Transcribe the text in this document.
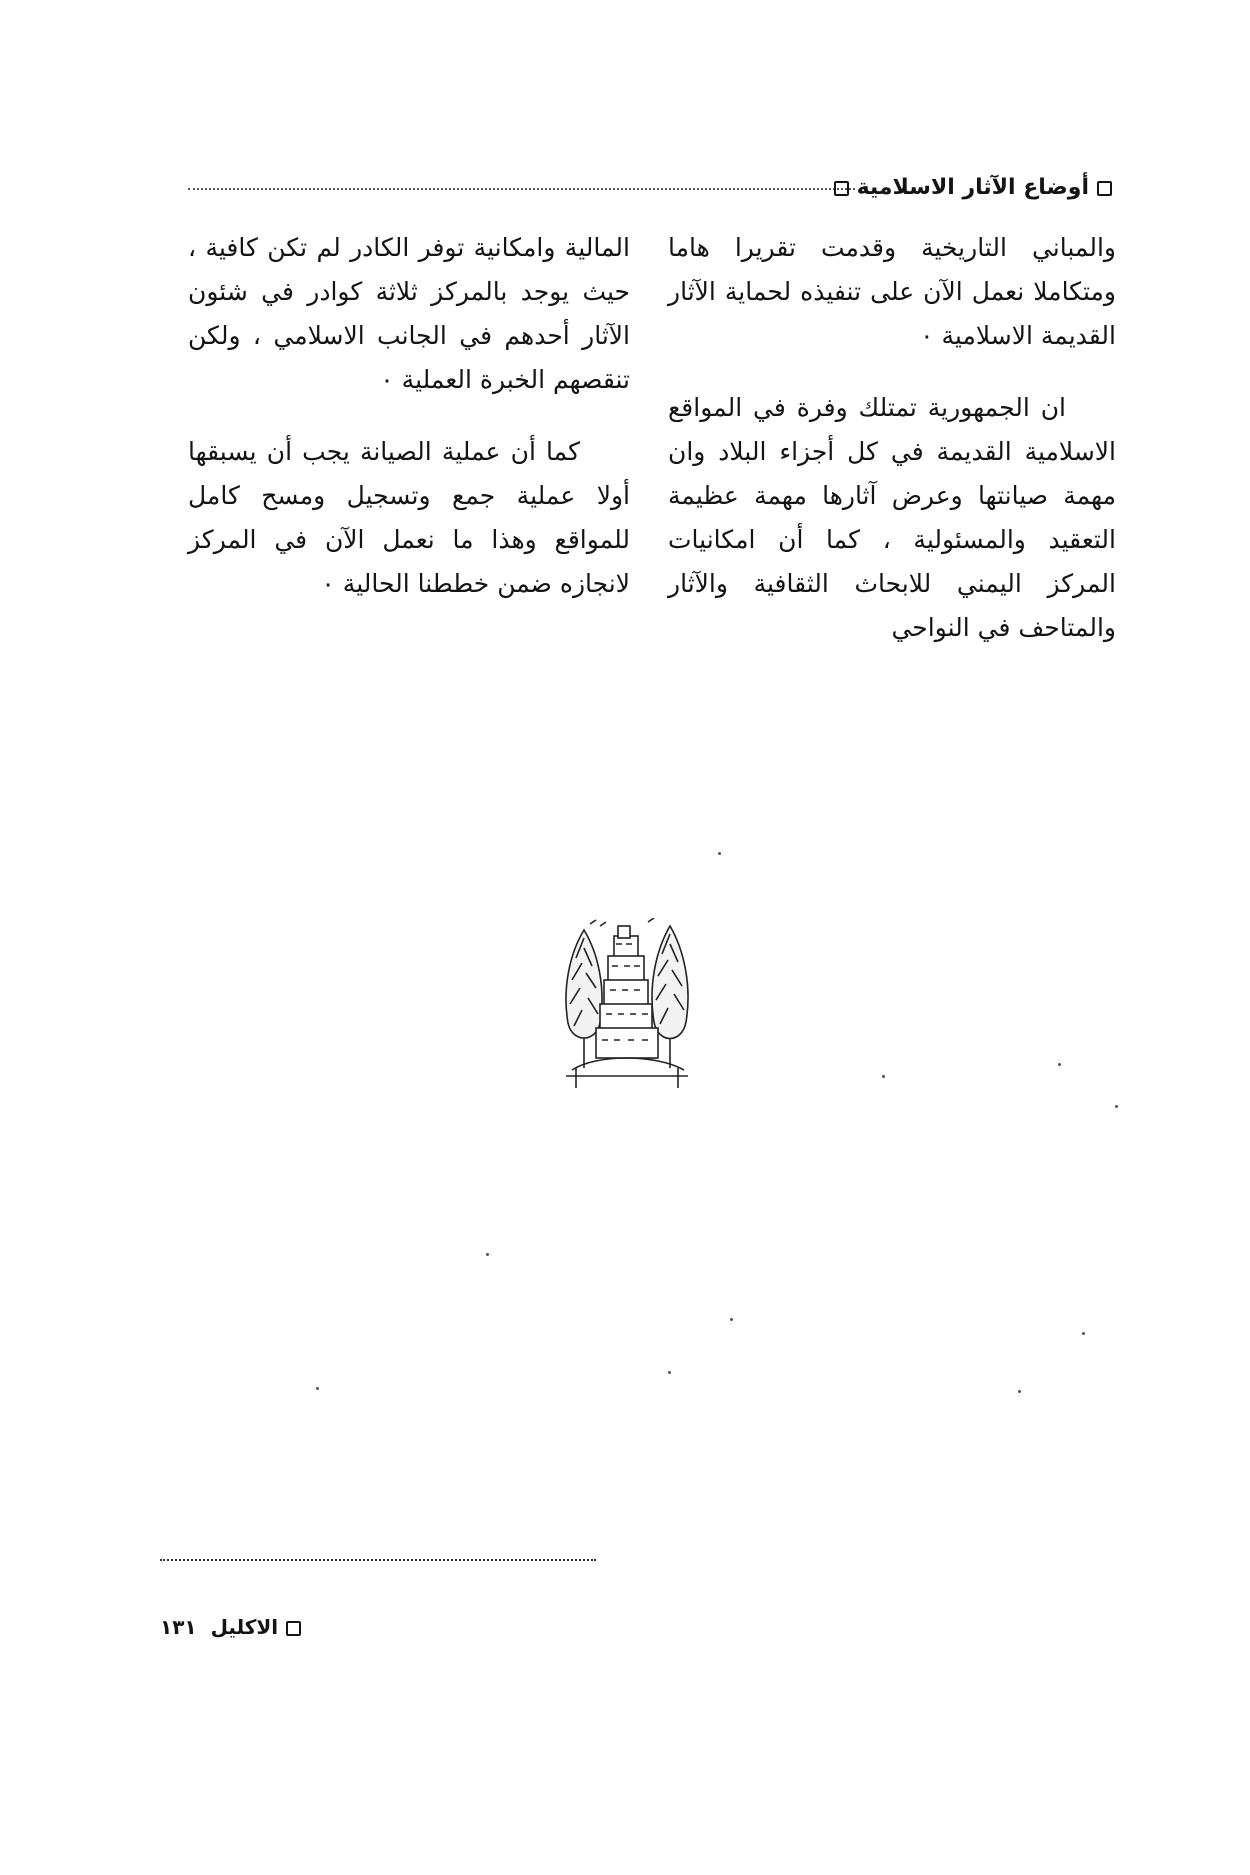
أوضاع الآثار الاسلامية

والمباني التاريخية وقدمت تقريرا هاما ومتكاملا نعمل الآن على تنفيذه لحماية الآثار القديمة الاسلامية ٠

ان الجمهورية تمتلك وفرة في المواقع الاسلامية القديمة في كل أجزاء البلاد وان مهمة صيانتها وعرض آثارها مهمة عظيمة التعقيد والمسئولية ، كما أن امكانيات المركز اليمني للابحاث الثقافية والآثار والمتاحف في النواحي

المالية وامكانية توفر الكادر لم تكن كافية ، حيث يوجد بالمركز ثلاثة كوادر في شئون الآثار أحدهم في الجانب الاسلامي ، ولكن تنقصهم الخبرة العملية ٠

كما أن عملية الصيانة يجب أن يسبقها أولا عملية جمع وتسجيل ومسح كامل للمواقع وهذا ما نعمل الآن في المركز لانجازه ضمن خططنا الحالية ٠

الاكليل  ١٣١
